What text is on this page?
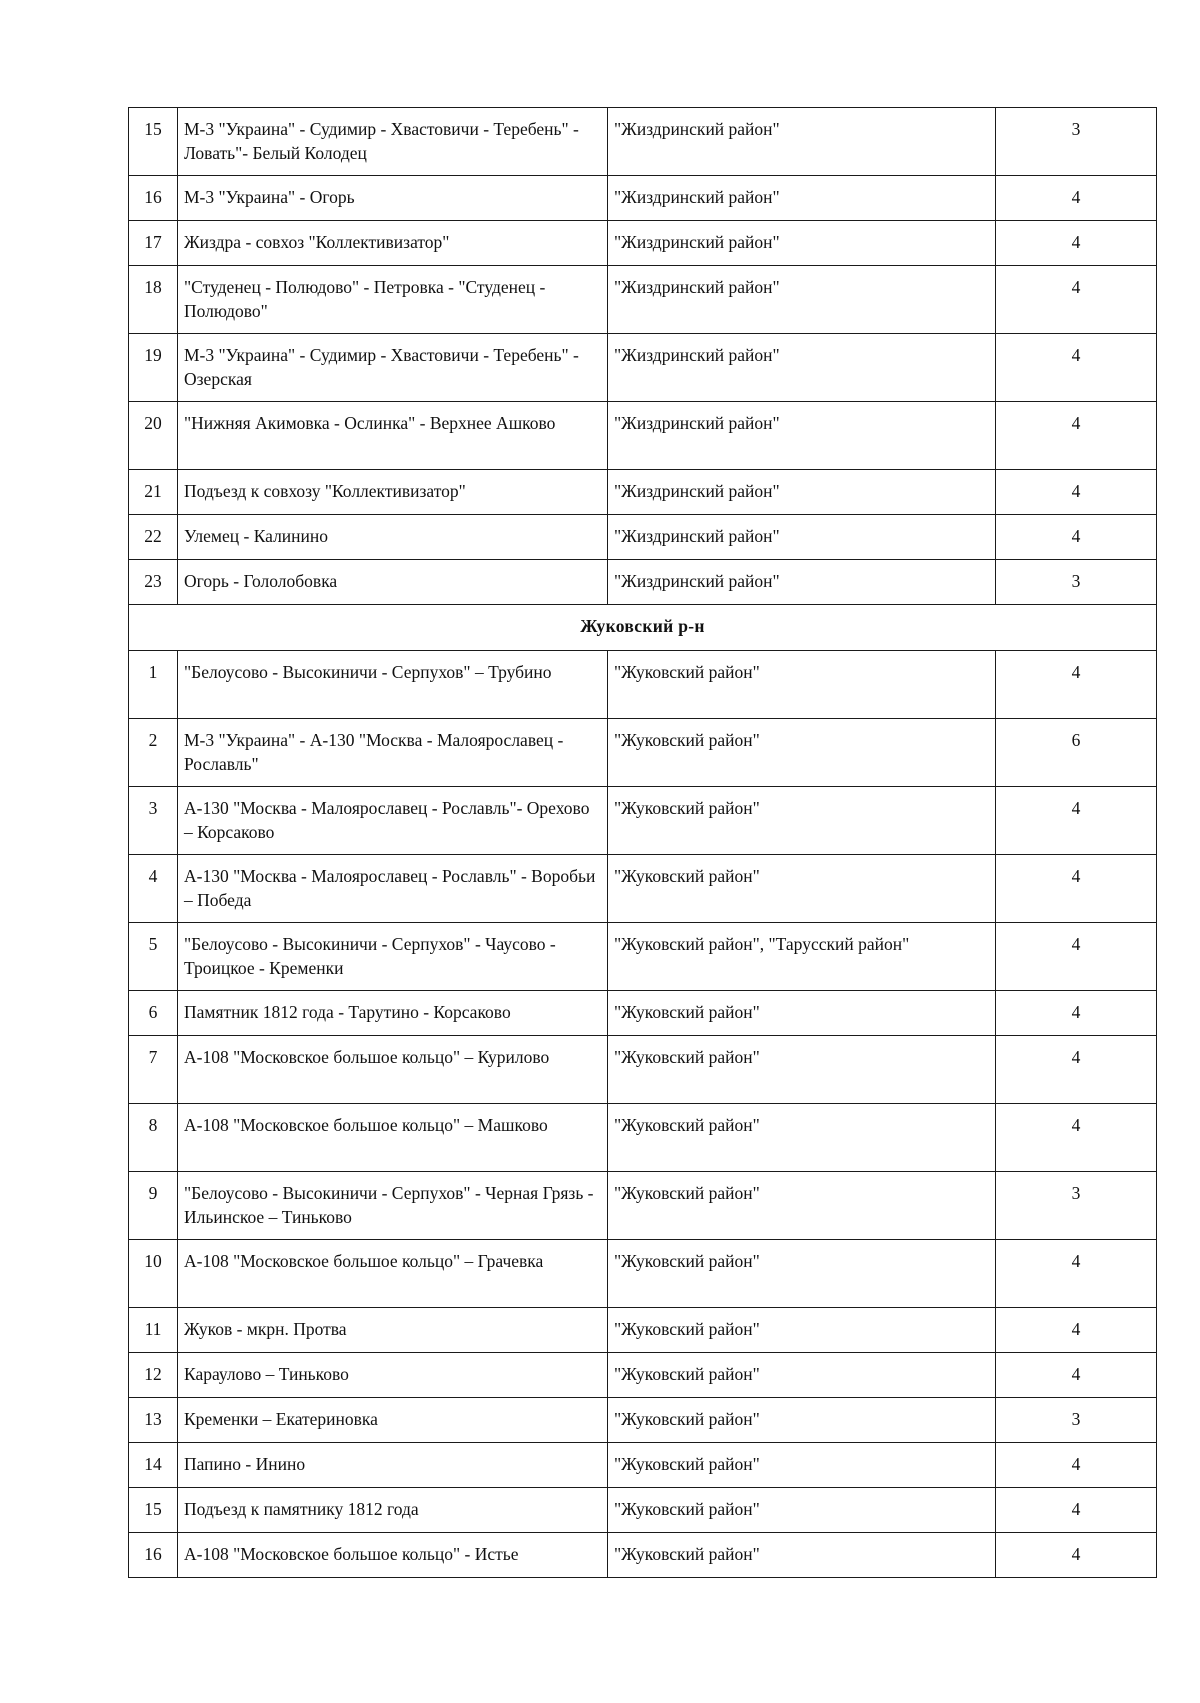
15	М-3 "Украина" - Судимир - Хвастовичи - Теребень" - Ловать"- Белый Колодец	"Жиздринский район"	3
16	М-3 "Украина" - Огорь	"Жиздринский район"	4
17	Жиздра - совхоз "Коллективизатор"	"Жиздринский район"	4
18	"Студенец - Полюдово" - Петровка - "Студенец - Полюдово"	"Жиздринский район"	4
19	М-3 "Украина" - Судимир - Хвастовичи - Теребень" - Озерская	"Жиздринский район"	4
20	"Нижняя Акимовка - Ослинка" - Верхнее Ашково	"Жиздринский район"	4
21	Подъезд к совхозу "Коллективизатор"	"Жиздринский район"	4
22	Улемец - Калинино	"Жиздринский район"	4
23	Огорь - Гололобовка	"Жиздринский район"	3
Жуковский р-н			
1	"Белоусово - Высокиничи - Серпухов" – Трубино	"Жуковский район"	4
2	М-3 "Украина" - А-130 "Москва - Малоярославец - Рославль"	"Жуковский район"	6
3	А-130 "Москва - Малоярославец - Рославль"- Орехово – Корсаково	"Жуковский район"	4
4	А-130 "Москва - Малоярославец - Рославль" - Воробьи – Победа	"Жуковский район"	4
5	"Белоусово - Высокиничи - Серпухов" - Чаусово - Троицкое - Кременки	"Жуковский район", "Тарусский район"	4
6	Памятник 1812 года - Тарутино - Корсаково	"Жуковский район"	4
7	А-108 "Московское большое кольцо" – Курилово	"Жуковский район"	4
8	А-108 "Московское большое кольцо" – Машково	"Жуковский район"	4
9	"Белоусово - Высокиничи - Серпухов" - Черная Грязь - Ильинское – Тиньково	"Жуковский район"	3
10	А-108 "Московское большое кольцо" – Грачевка	"Жуковский район"	4
11	Жуков - мкрн. Протва	"Жуковский район"	4
12	Караулово – Тиньково	"Жуковский район"	4
13	Кременки – Екатериновка	"Жуковский район"	3
14	Папино - Инино	"Жуковский район"	4
15	Подъезд к памятнику 1812 года	"Жуковский район"	4
16	А-108 "Московское большое кольцо" - Истье	"Жуковский район"	4
